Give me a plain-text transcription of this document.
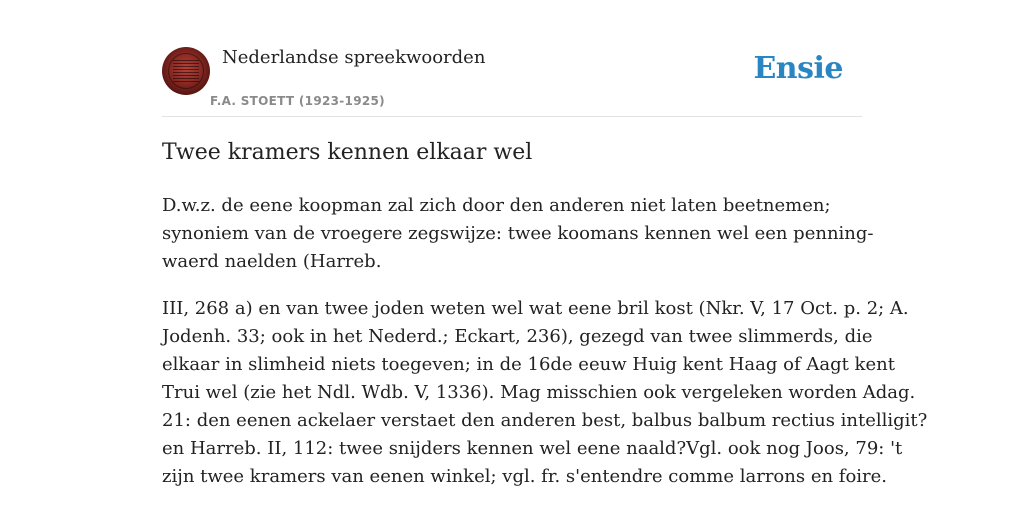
Nederlandse spreekwoorden
F.A. STOETT (1923-1925)
Ensie
Twee kramers kennen elkaar wel

D.w.z. de eene koopman zal zich door den anderen niet laten beetnemen;
synoniem van de vroegere zegswijze: twee koomans kennen wel een penning-
waerd naelden (Harreb.

III, 268 a) en van twee joden weten wel wat eene bril kost (Nkr. V, 17 Oct. p. 2; A.
Jodenh. 33; ook in het Nederd.; Eckart, 236), gezegd van twee slimmerds, die
elkaar in slimheid niets toegeven; in de 16de eeuw Huig kent Haag of Aagt kent
Trui wel (zie het Ndl. Wdb. V, 1336). Mag misschien ook vergeleken worden Adag.
21: den eenen ackelaer verstaet den anderen best, balbus balbum rectius intelligit?
en Harreb. II, 112: twee snijders kennen wel eene naald?Vgl. ook nog Joos, 79: 't
zijn twee kramers van eenen winkel; vgl. fr. s'entendre comme larrons en foire.
